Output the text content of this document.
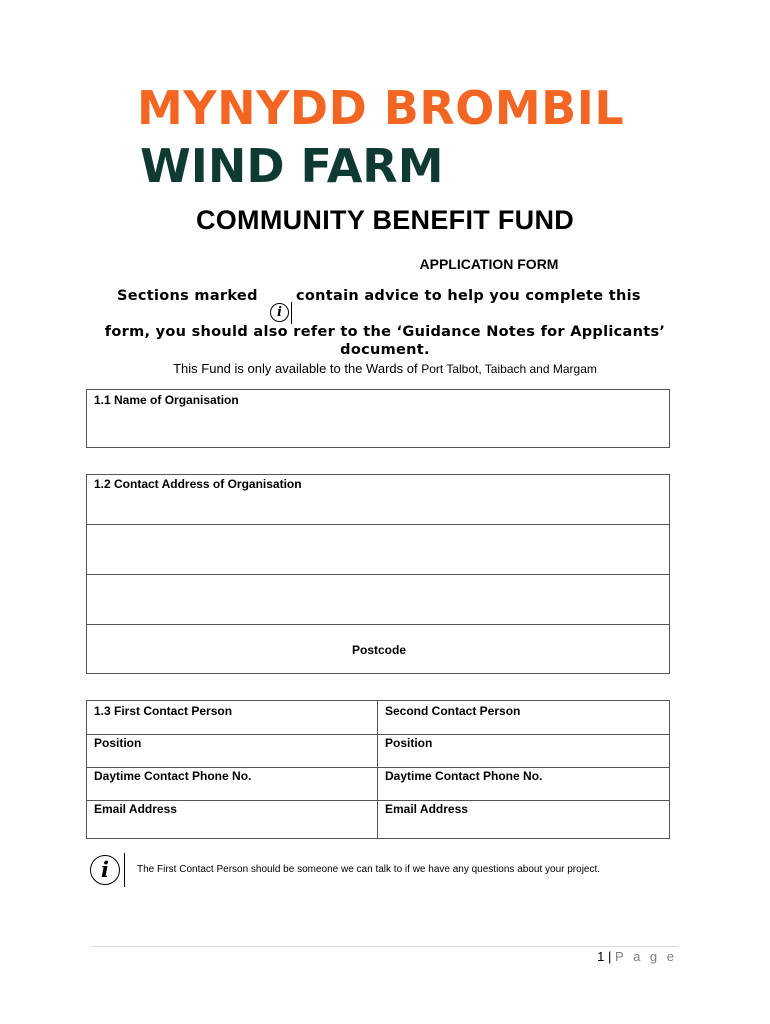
MYNYDD BROMBIL
WIND FARM
COMMUNITY BENEFIT FUND
APPLICATION FORM
Sections marked
i
contain advice to help you complete this
form, you should also refer to the ‘Guidance Notes for Applicants’
document.
This Fund is only available to the Wards of Port Talbot, Taibach and Margam
1.1 Name of Organisation
1.2 Contact Address of Organisation
Postcode
1.3 First Contact Person	Second Contact Person
Position	Position
Daytime Contact Phone No.	Daytime Contact Phone No.
Email Address	Email Address
i	The First Contact Person should be someone we can talk to if we have any questions about your project.
1 | P a g e
